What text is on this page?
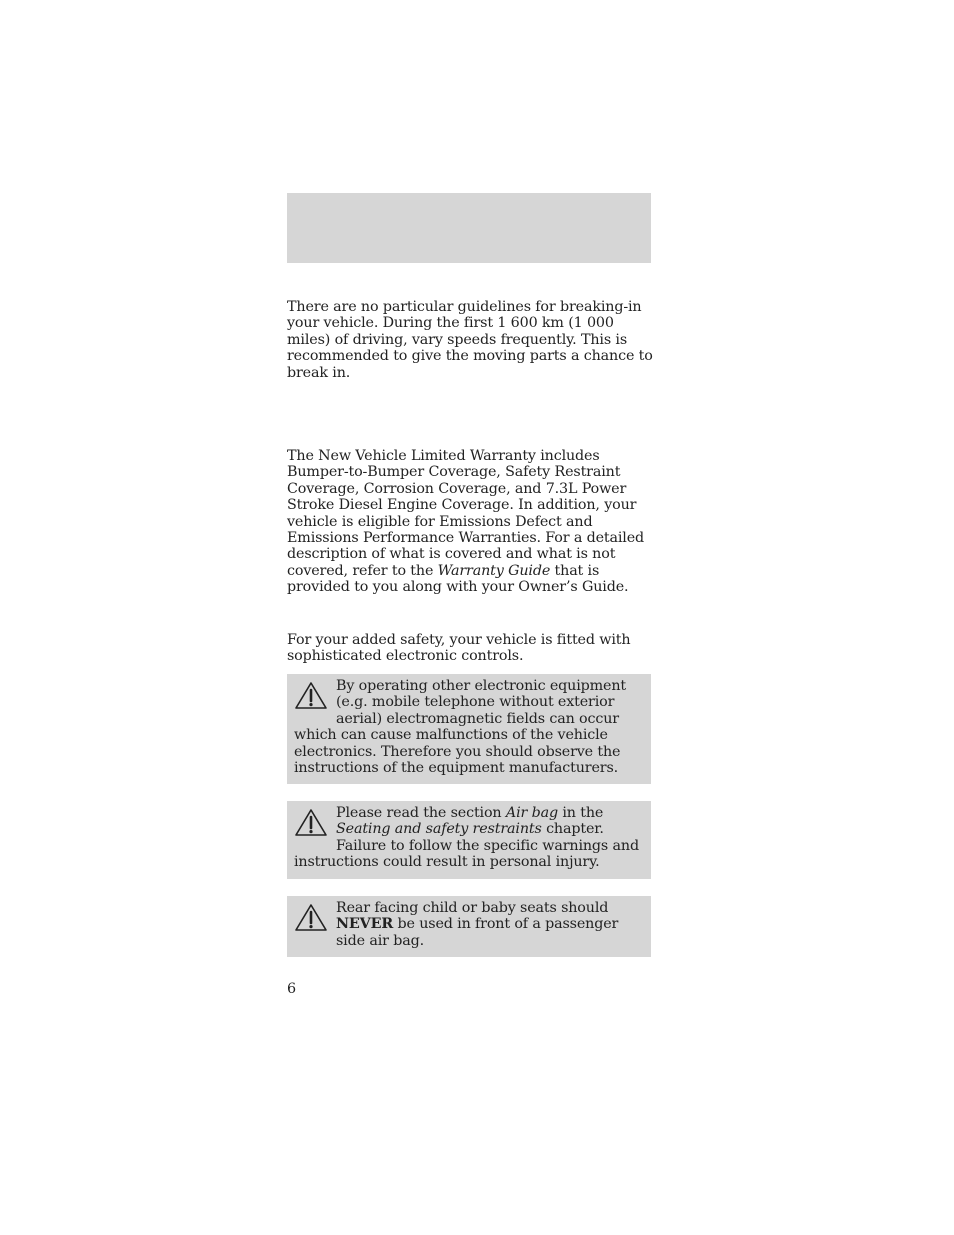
There are no particular guidelines for breaking-in your vehicle. During the first 1 600 km (1 000 miles) of driving, vary speeds frequently. This is recommended to give the moving parts a chance to break in.

The New Vehicle Limited Warranty includes Bumper-to-Bumper Coverage, Safety Restraint Coverage, Corrosion Coverage, and 7.3L Power Stroke Diesel Engine Coverage. In addition, your vehicle is eligible for Emissions Defect and Emissions Performance Warranties. For a detailed description of what is covered and what is not covered, refer to the Warranty Guide that is provided to you along with your Owner’s Guide.

For your added safety, your vehicle is fitted with sophisticated electronic controls.

By operating other electronic equipment (e.g. mobile telephone without exterior aerial) electromagnetic fields can occur which can cause malfunctions of the vehicle electronics. Therefore you should observe the instructions of the equipment manufacturers.
Please read the section Air bag in the Seating and safety restraints chapter. Failure to follow the specific warnings and instructions could result in personal injury.
Rear facing child or baby seats should NEVER be used in front of a passenger side air bag.
6
